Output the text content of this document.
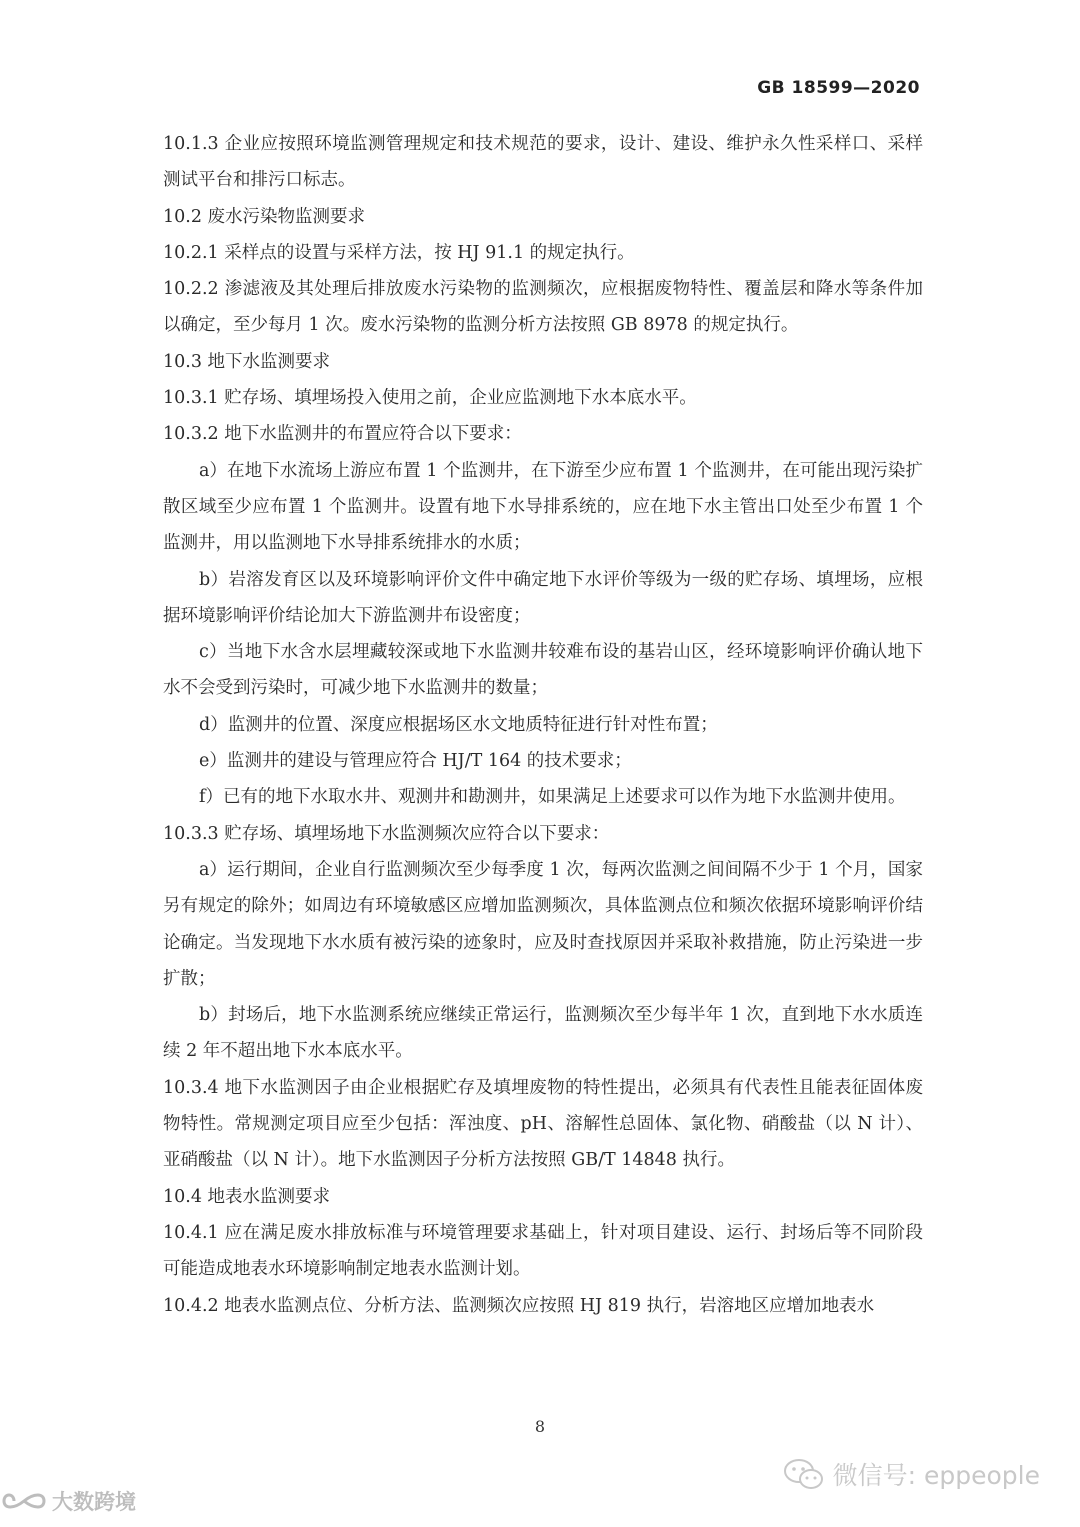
GB 18599—2020

10.1.3 企业应按照环境监测管理规定和技术规范的要求，设计、建设、维护永久性采样口、采样测试平台和排污口标志。

10.2 废水污染物监测要求

10.2.1 采样点的设置与采样方法，按 HJ 91.1 的规定执行。

10.2.2 渗滤液及其处理后排放废水污染物的监测频次，应根据废物特性、覆盖层和降水等条件加以确定，至少每月 1 次。废水污染物的监测分析方法按照 GB 8978 的规定执行。

10.3 地下水监测要求

10.3.1 贮存场、填埋场投入使用之前，企业应监测地下水本底水平。

10.3.2 地下水监测井的布置应符合以下要求：

a）在地下水流场上游应布置 1 个监测井，在下游至少应布置 1 个监测井，在可能出现污染扩散区域至少应布置 1 个监测井。设置有地下水导排系统的，应在地下水主管出口处至少布置 1 个监测井，用以监测地下水导排系统排水的水质；

b）岩溶发育区以及环境影响评价文件中确定地下水评价等级为一级的贮存场、填埋场，应根据环境影响评价结论加大下游监测井布设密度；

c）当地下水含水层埋藏较深或地下水监测井较难布设的基岩山区，经环境影响评价确认地下水不会受到污染时，可减少地下水监测井的数量；

d）监测井的位置、深度应根据场区水文地质特征进行针对性布置；

e）监测井的建设与管理应符合 HJ/T 164 的技术要求；

f）已有的地下水取水井、观测井和勘测井，如果满足上述要求可以作为地下水监测井使用。

10.3.3 贮存场、填埋场地下水监测频次应符合以下要求：

a）运行期间，企业自行监测频次至少每季度 1 次，每两次监测之间间隔不少于 1 个月，国家另有规定的除外；如周边有环境敏感区应增加监测频次，具体监测点位和频次依据环境影响评价结论确定。当发现地下水水质有被污染的迹象时，应及时查找原因并采取补救措施，防止污染进一步扩散；

b）封场后，地下水监测系统应继续正常运行，监测频次至少每半年 1 次，直到地下水水质连续 2 年不超出地下水本底水平。

10.3.4 地下水监测因子由企业根据贮存及填埋废物的特性提出，必须具有代表性且能表征固体废物特性。常规测定项目应至少包括：浑浊度、pH、溶解性总固体、氯化物、硝酸盐（以 N 计）、亚硝酸盐（以 N 计）。地下水监测因子分析方法按照 GB/T 14848 执行。

10.4 地表水监测要求

10.4.1 应在满足废水排放标准与环境管理要求基础上，针对项目建设、运行、封场后等不同阶段可能造成地表水环境影响制定地表水监测计划。

10.4.2 地表水监测点位、分析方法、监测频次应按照 HJ 819 执行，岩溶地区应增加地表水

8
微信号: eppeople
大数跨境
